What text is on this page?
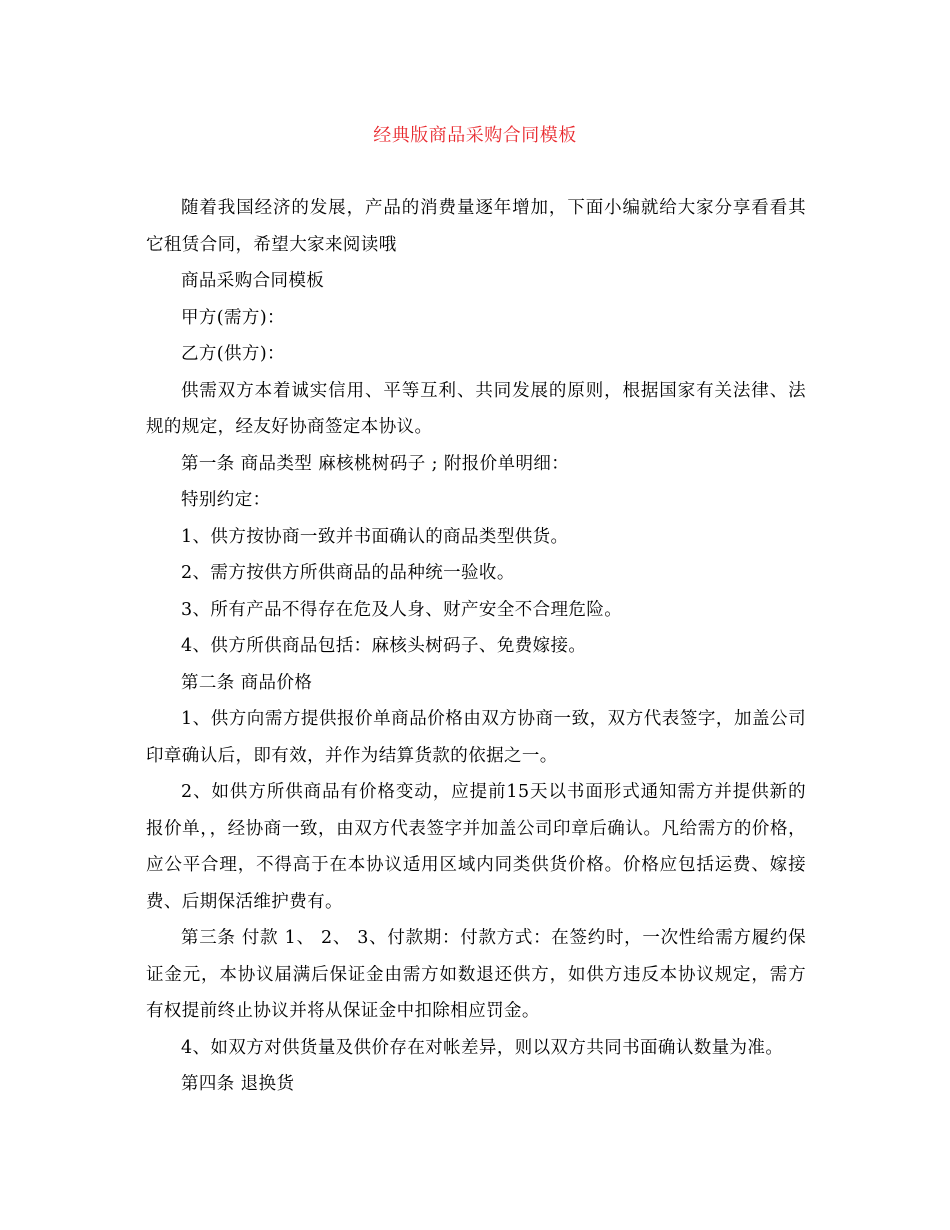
经典版商品采购合同模板

随着我国经济的发展，产品的消费量逐年增加，下面小编就给大家分享看看其它租赁合同，希望大家来阅读哦

商品采购合同模板

甲方(需方)：

乙方(供方)：

供需双方本着诚实信用、平等互利、共同发展的原则，根据国家有关法律、法规的规定，经友好协商签定本协议。

第一条 商品类型 麻核桃树码子 ; 附报价单明细：

特别约定：

1、供方按协商一致并书面确认的商品类型供货。

2、需方按供方所供商品的品种统一验收。

3、所有产品不得存在危及人身、财产安全不合理危险。

4、供方所供商品包括：麻核头树码子、免费嫁接。

第二条 商品价格

1、供方向需方提供报价单商品价格由双方协商一致，双方代表签字，加盖公司印章确认后，即有效，并作为结算货款的依据之一。

2、如供方所供商品有价格变动，应提前15天以书面形式通知需方并提供新的报价单，，经协商一致，由双方代表签字并加盖公司印章后确认。凡给需方的价格，应公平合理，不得高于在本协议适用区域内同类供货价格。价格应包括运费、嫁接费、后期保活维护费有。

第三条 付款 1、 2、 3、付款期：付款方式：在签约时，一次性给需方履约保证金元，本协议届满后保证金由需方如数退还供方，如供方违反本协议规定，需方有权提前终止协议并将从保证金中扣除相应罚金。

4、如双方对供货量及供价存在对帐差异，则以双方共同书面确认数量为准。

第四条 退换货
